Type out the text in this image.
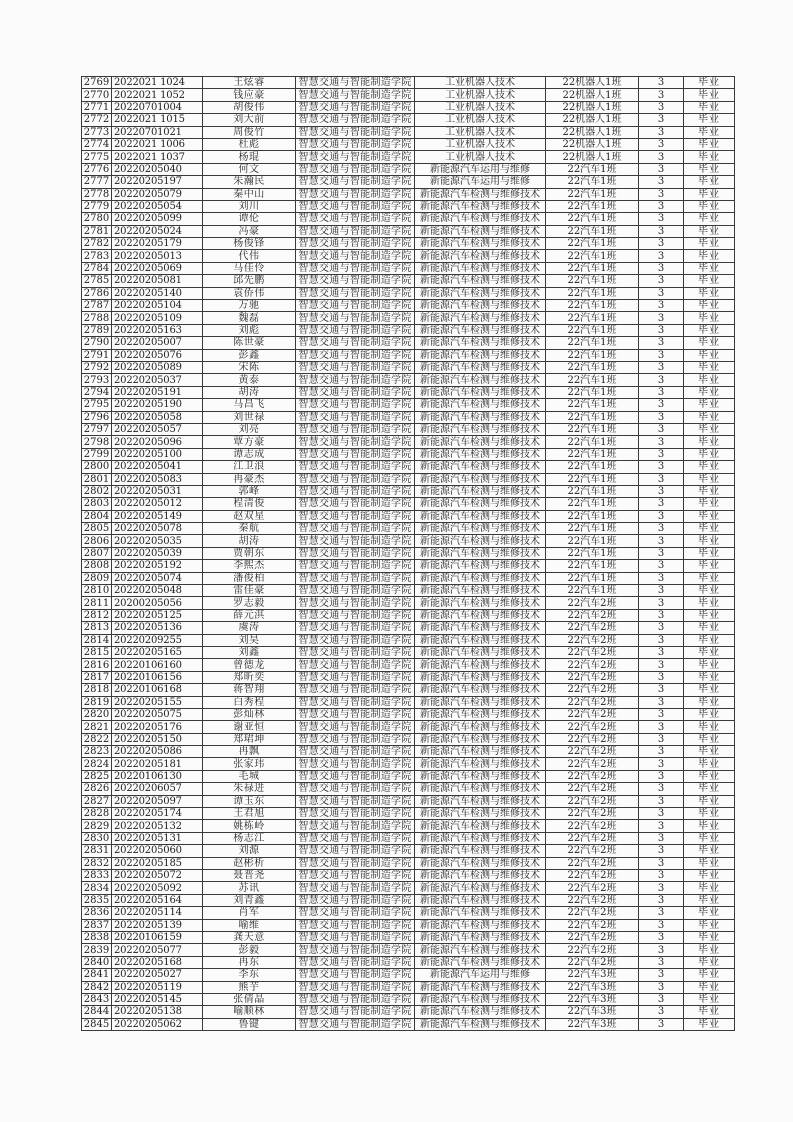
2769	2022021 1024	王炫睿	智慧交通与智能制造学院	工业机器人技术	22机器人1班	3	毕业
2770	2022021 1052	钱应豪	智慧交通与智能制造学院	工业机器人技术	22机器人1班	3	毕业
2771	20220701004	胡俊伟	智慧交通与智能制造学院	工业机器人技术	22机器人1班	3	毕业
2772	2022021 1015	刘大前	智慧交通与智能制造学院	工业机器人技术	22机器人1班	3	毕业
2773	20220701021	周俊竹	智慧交通与智能制造学院	工业机器人技术	22机器人1班	3	毕业
2774	2022021 1006	杜彪	智慧交通与智能制造学院	工业机器人技术	22机器人1班	3	毕业
2775	2022021 1037	杨琨	智慧交通与智能制造学院	工业机器人技术	22机器人1班	3	毕业
2776	20220205040	何文	智慧交通与智能制造学院	新能源汽车运用与维修	22汽车1班	3	毕业
2777	20220205197	朱瀚民	智慧交通与智能制造学院	新能源汽车运用与维修	22汽车1班	3	毕业
2778	20220205079	秦中山	智慧交通与智能制造学院	新能源汽车检测与维修技术	22汽车1班	3	毕业
2779	20220205054	刘川	智慧交通与智能制造学院	新能源汽车检测与维修技术	22汽车1班	3	毕业
2780	20220205099	谭伦	智慧交通与智能制造学院	新能源汽车检测与维修技术	22汽车1班	3	毕业
2781	20220205024	冯豪	智慧交通与智能制造学院	新能源汽车检测与维修技术	22汽车1班	3	毕业
2782	20220205179	杨俊锋	智慧交通与智能制造学院	新能源汽车检测与维修技术	22汽车1班	3	毕业
2783	20220205013	代伟	智慧交通与智能制造学院	新能源汽车检测与维修技术	22汽车1班	3	毕业
2784	20220205069	马佳伶	智慧交通与智能制造学院	新能源汽车检测与维修技术	22汽车1班	3	毕业
2785	20220205081	邱先鹏	智慧交通与智能制造学院	新能源汽车检测与维修技术	22汽车1班	3	毕业
2786	20220205140	袁侨伟	智慧交通与智能制造学院	新能源汽车检测与维修技术	22汽车1班	3	毕业
2787	20220205104	万驰	智慧交通与智能制造学院	新能源汽车检测与维修技术	22汽车1班	3	毕业
2788	20220205109	魏磊	智慧交通与智能制造学院	新能源汽车检测与维修技术	22汽车1班	3	毕业
2789	20220205163	刘彪	智慧交通与智能制造学院	新能源汽车检测与维修技术	22汽车1班	3	毕业
2790	20220205007	陈世豪	智慧交通与智能制造学院	新能源汽车检测与维修技术	22汽车1班	3	毕业
2791	20220205076	彭鑫	智慧交通与智能制造学院	新能源汽车检测与维修技术	22汽车1班	3	毕业
2792	20220205089	宋陈	智慧交通与智能制造学院	新能源汽车检测与维修技术	22汽车1班	3	毕业
2793	20220205037	黄泰	智慧交通与智能制造学院	新能源汽车检测与维修技术	22汽车1班	3	毕业
2794	20220205191	胡涛	智慧交通与智能制造学院	新能源汽车检测与维修技术	22汽车1班	3	毕业
2795	20220205190	马昌飞	智慧交通与智能制造学院	新能源汽车检测与维修技术	22汽车1班	3	毕业
2796	20220205058	刘世禄	智慧交通与智能制造学院	新能源汽车检测与维修技术	22汽车1班	3	毕业
2797	20220205057	刘亮	智慧交通与智能制造学院	新能源汽车检测与维修技术	22汽车1班	3	毕业
2798	20220205096	覃方豪	智慧交通与智能制造学院	新能源汽车检测与维修技术	22汽车1班	3	毕业
2799	20220205100	谭志成	智慧交通与智能制造学院	新能源汽车检测与维修技术	22汽车1班	3	毕业
2800	20220205041	江卫浪	智慧交通与智能制造学院	新能源汽车检测与维修技术	22汽车1班	3	毕业
2801	20220205083	冉豪杰	智慧交通与智能制造学院	新能源汽车检测与维修技术	22汽车1班	3	毕业
2802	20220205031	郭峰	智慧交通与智能制造学院	新能源汽车检测与维修技术	22汽车1班	3	毕业
2803	20220205012	程清俊	智慧交通与智能制造学院	新能源汽车检测与维修技术	22汽车1班	3	毕业
2804	20220205149	赵双星	智慧交通与智能制造学院	新能源汽车检测与维修技术	22汽车1班	3	毕业
2805	20220205078	秦航	智慧交通与智能制造学院	新能源汽车检测与维修技术	22汽车1班	3	毕业
2806	20220205035	胡涛	智慧交通与智能制造学院	新能源汽车检测与维修技术	22汽车1班	3	毕业
2807	20220205039	贾朝东	智慧交通与智能制造学院	新能源汽车检测与维修技术	22汽车1班	3	毕业
2808	20220205192	李熙杰	智慧交通与智能制造学院	新能源汽车检测与维修技术	22汽车1班	3	毕业
2809	20220205074	潘俊柏	智慧交通与智能制造学院	新能源汽车检测与维修技术	22汽车1班	3	毕业
2810	20220205048	雷佳豪	智慧交通与智能制造学院	新能源汽车检测与维修技术	22汽车1班	3	毕业
2811	20200205056	罗志毅	智慧交通与智能制造学院	新能源汽车检测与维修技术	22汽车2班	3	毕业
2812	20220205125	薛元淇	智慧交通与智能制造学院	新能源汽车检测与维修技术	22汽车2班	3	毕业
2813	20220205136	虞涛	智慧交通与智能制造学院	新能源汽车检测与维修技术	22汽车2班	3	毕业
2814	20220209255	刘昊	智慧交通与智能制造学院	新能源汽车检测与维修技术	22汽车2班	3	毕业
2815	20220205165	刘鑫	智慧交通与智能制造学院	新能源汽车检测与维修技术	22汽车2班	3	毕业
2816	20220106160	曾德龙	智慧交通与智能制造学院	新能源汽车检测与维修技术	22汽车2班	3	毕业
2817	20220106156	郑昕奕	智慧交通与智能制造学院	新能源汽车检测与维修技术	22汽车2班	3	毕业
2818	20220106168	蒋智翔	智慧交通与智能制造学院	新能源汽车检测与维修技术	22汽车2班	3	毕业
2819	20220205155	白秀程	智慧交通与智能制造学院	新能源汽车检测与维修技术	22汽车2班	3	毕业
2820	20220205075	彭灿林	智慧交通与智能制造学院	新能源汽车检测与维修技术	22汽车2班	3	毕业
2821	20220205176	谢亚恒	智慧交通与智能制造学院	新能源汽车检测与维修技术	22汽车2班	3	毕业
2822	20220205150	郑珺坤	智慧交通与智能制造学院	新能源汽车检测与维修技术	22汽车2班	3	毕业
2823	20220205086	冉飘	智慧交通与智能制造学院	新能源汽车检测与维修技术	22汽车2班	3	毕业
2824	20220205181	张家玮	智慧交通与智能制造学院	新能源汽车检测与维修技术	22汽车2班	3	毕业
2825	20220106130	毛城	智慧交通与智能制造学院	新能源汽车检测与维修技术	22汽车2班	3	毕业
2826	20220206057	朱禄进	智慧交通与智能制造学院	新能源汽车检测与维修技术	22汽车2班	3	毕业
2827	20220205097	谭玉东	智慧交通与智能制造学院	新能源汽车检测与维修技术	22汽车2班	3	毕业
2828	20220205174	王君旭	智慧交通与智能制造学院	新能源汽车检测与维修技术	22汽车2班	3	毕业
2829	20220205132	姚栋岭	智慧交通与智能制造学院	新能源汽车检测与维修技术	22汽车2班	3	毕业
2830	20220205131	杨志江	智慧交通与智能制造学院	新能源汽车检测与维修技术	22汽车2班	3	毕业
2831	20220205060	刘源	智慧交通与智能制造学院	新能源汽车检测与维修技术	22汽车2班	3	毕业
2832	20220205185	赵彬析	智慧交通与智能制造学院	新能源汽车检测与维修技术	22汽车2班	3	毕业
2833	20220205072	聂普尧	智慧交通与智能制造学院	新能源汽车检测与维修技术	22汽车2班	3	毕业
2834	20220205092	苏讯	智慧交通与智能制造学院	新能源汽车检测与维修技术	22汽车2班	3	毕业
2835	20220205164	刘青鑫	智慧交通与智能制造学院	新能源汽车检测与维修技术	22汽车2班	3	毕业
2836	20220205114	肖军	智慧交通与智能制造学院	新能源汽车检测与维修技术	22汽车2班	3	毕业
2837	20220205139	喻维	智慧交通与智能制造学院	新能源汽车检测与维修技术	22汽车2班	3	毕业
2838	20220106159	龚天意	智慧交通与智能制造学院	新能源汽车检测与维修技术	22汽车2班	3	毕业
2839	20220205077	彭毅	智慧交通与智能制造学院	新能源汽车检测与维修技术	22汽车2班	3	毕业
2840	20220205168	冉东	智慧交通与智能制造学院	新能源汽车检测与维修技术	22汽车2班	3	毕业
2841	20220205027	李东	智慧交通与智能制造学院	新能源汽车运用与维修	22汽车3班	3	毕业
2842	20220205119	熊芋	智慧交通与智能制造学院	新能源汽车检测与维修技术	22汽车3班	3	毕业
2843	20220205145	张倩晶	智慧交通与智能制造学院	新能源汽车检测与维修技术	22汽车3班	3	毕业
2844	20220205138	喻顺林	智慧交通与智能制造学院	新能源汽车检测与维修技术	22汽车3班	3	毕业
2845	20220205062	鲁键	智慧交通与智能制造学院	新能源汽车检测与维修技术	22汽车3班	3	毕业
